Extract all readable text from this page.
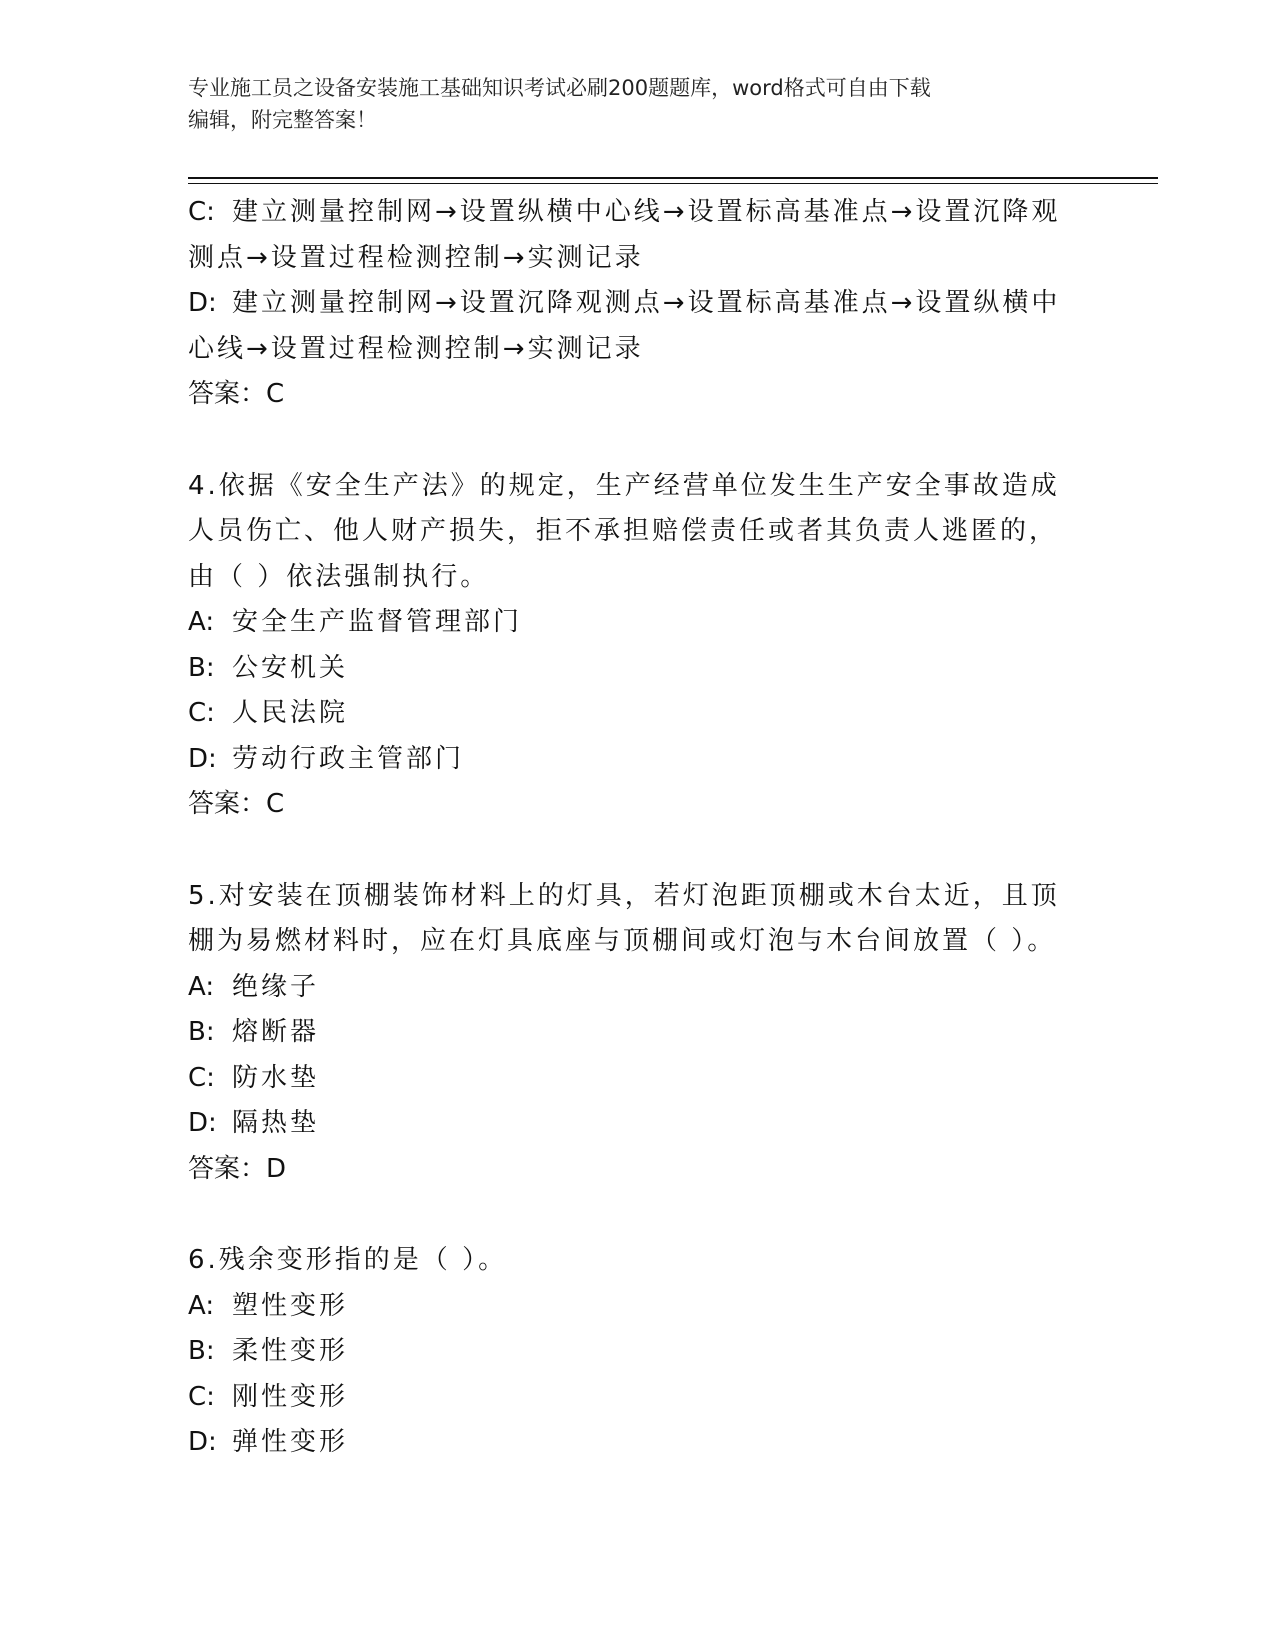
专业施工员之设备安装施工基础知识考试必刷200题题库，word格式可自由下载
编辑，附完整答案！
C: 建立测量控制网→设置纵横中心线→设置标高基准点→设置沉降观
测点→设置过程检测控制→实测记录
D: 建立测量控制网→设置沉降观测点→设置标高基准点→设置纵横中
心线→设置过程检测控制→实测记录
答案：C
4.依据《安全生产法》的规定，生产经营单位发生生产安全事故造成
人员伤亡、他人财产损失，拒不承担赔偿责任或者其负责人逃匿的，
由（ ）依法强制执行。
A: 安全生产监督管理部门
B: 公安机关
C: 人民法院
D: 劳动行政主管部门
答案：C
5.对安装在顶棚装饰材料上的灯具，若灯泡距顶棚或木台太近，且顶
棚为易燃材料时，应在灯具底座与顶棚间或灯泡与木台间放置（ ）。
A: 绝缘子
B: 熔断器
C: 防水垫
D: 隔热垫
答案：D
6.残余变形指的是（ ）。
A: 塑性变形
B: 柔性变形
C: 刚性变形
D: 弹性变形
